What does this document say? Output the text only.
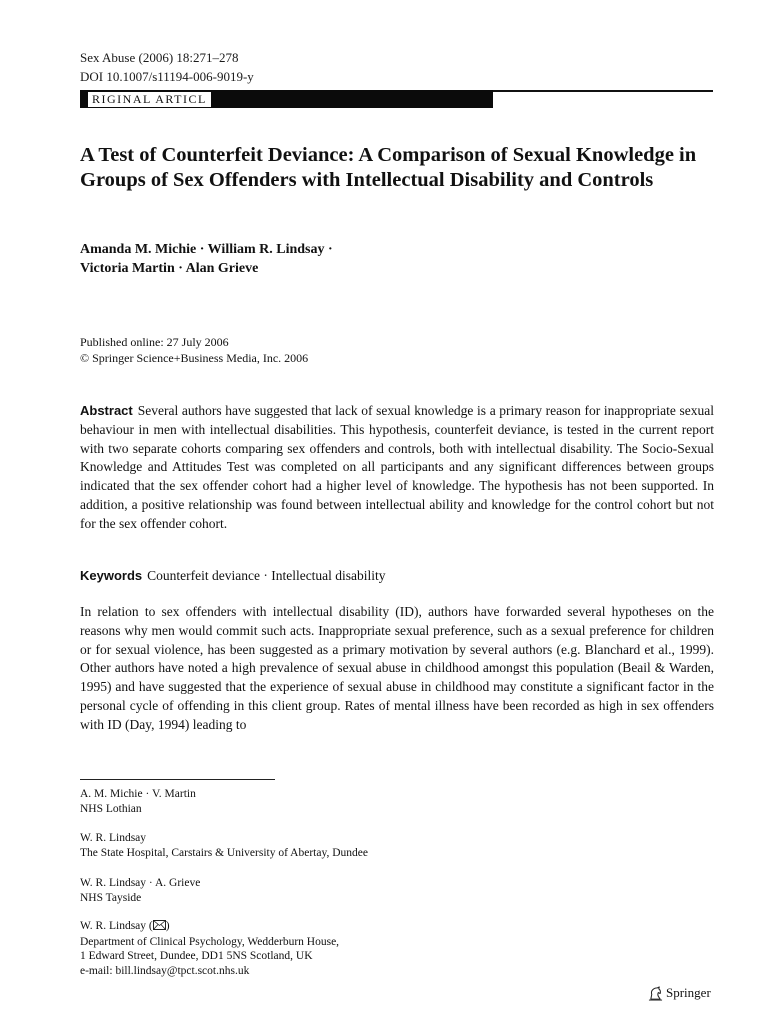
Sex Abuse (2006) 18:271–278
DOI 10.1007/s11194-006-9019-y
RIGINAL ARTICL
A Test of Counterfeit Deviance: A Comparison of Sexual Knowledge in Groups of Sex Offenders with Intellectual Disability and Controls
Amanda M. Michie · William R. Lindsay ·
Victoria Martin · Alan Grieve
Published online: 27 July 2006
© Springer Science+Business Media, Inc. 2006

Abstract Several authors have suggested that lack of sexual knowledge is a primary reason for inappropriate sexual behaviour in men with intellectual disabilities. This hypothesis, counterfeit deviance, is tested in the current report with two separate cohorts comparing sex offenders and controls, both with intellectual disability. The Socio-Sexual Knowledge and Attitudes Test was completed on all participants and any significant differences between groups indicated that the sex offender cohort had a higher level of knowledge. The hypothesis has not been supported. In addition, a positive relationship was found between intellectual ability and knowledge for the control cohort but not for the sex offender cohort.

Keywords Counterfeit deviance · Intellectual disability

In relation to sex offenders with intellectual disability (ID), authors have forwarded several hypotheses on the reasons why men would commit such acts. Inappropriate sexual preference, such as a sexual preference for children or for sexual violence, has been suggested as a primary motivation by several authors (e.g. Blanchard et al., 1999). Other authors have noted a high prevalence of sexual abuse in childhood amongst this population (Beail & Warden, 1995) and have suggested that the experience of sexual abuse in childhood may constitute a significant factor in the personal cycle of offending in this client group. Rates of mental illness have been recorded as high in sex offenders with ID (Day, 1994) leading to

A. M. Michie · V. Martin
NHS Lothian
W. R. Lindsay
The State Hospital, Carstairs & University of Abertay, Dundee
W. R. Lindsay · A. Grieve
NHS Tayside
W. R. Lindsay ( )
Department of Clinical Psychology, Wedderburn House,
1 Edward Street, Dundee, DD1 5NS Scotland, UK
e-mail: bill.lindsay@tpct.scot.nhs.uk
Springer
